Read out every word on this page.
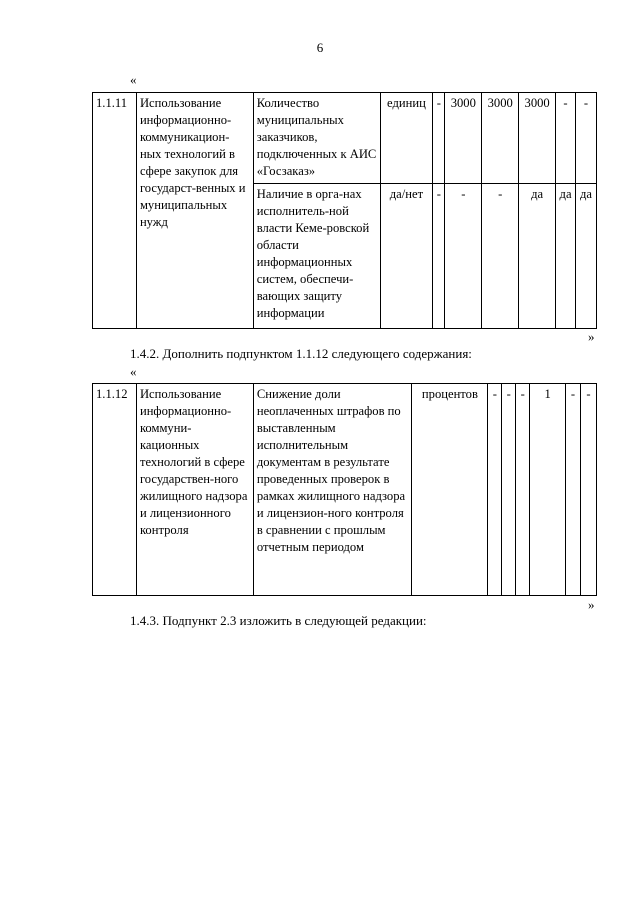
6
«
1.1.11	Использование информационно-коммуникацион-ных технологий в сфере закупок для государст-венных и муниципальных нужд	Количество муниципальных заказчиков, подключенных к АИС «Госзаказ»	единиц	-	3000	3000	3000	-	-
		Наличие в орга-нах исполнитель-ной власти Кеме-ровской области информационных систем, обеспечи-вающих защиту информации	да/нет	-	-	-	да	да	да
»
1.4.2. Дополнить подпунктом 1.1.12 следующего содержания:
«
1.1.12	Использование информационно-коммуни-кационных технологий в сфере государствен-ного жилищного надзора и лицензионного контроля	Снижение доли неоплаченных штрафов по выставленным исполнительным документам в результате проведенных проверок в рамках жилищного надзора и лицензион-ного контроля в сравнении с прошлым отчетным периодом	процентов	-	-	-	1	-	-
»
1.4.3. Подпункт 2.3 изложить в следующей редакции:
